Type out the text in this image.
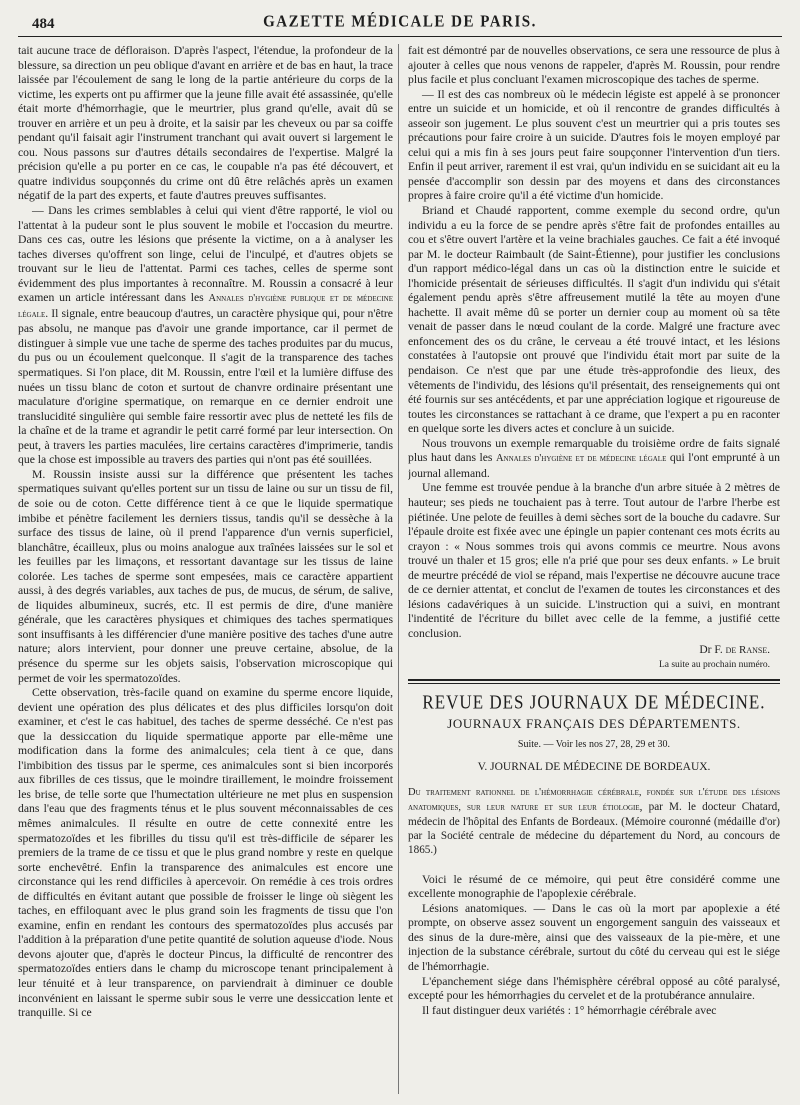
484	GAZETTE MÉDICALE DE PARIS.

tait aucune trace de défloraison. D'après l'aspect, l'étendue, la profondeur de la blessure, sa direction un peu oblique d'avant en arrière et de bas en haut, la trace laissée par l'écoulement de sang le long de la partie antérieure du corps de la victime, les experts ont pu affirmer que la jeune fille avait été assassinée, qu'elle était morte d'hémorrhagie, que le meurtrier, plus grand qu'elle, avait dû se trouver en arrière et un peu à droite, et la saisir par les cheveux ou par sa coiffe pendant qu'il faisait agir l'instrument tranchant qui avait ouvert si largement le cou. Nous passons sur d'autres détails secondaires de l'expertise. Malgré la précision qu'elle a pu porter en ce cas, le coupable n'a pas été découvert, et quatre individus soupçonnés du crime ont dû être relâchés après un examen négatif de la part des experts, et faute d'autres preuves suffisantes.

— Dans les crimes semblables à celui qui vient d'être rapporté, le viol ou l'attentat à la pudeur sont le plus souvent le mobile et l'occasion du meurtre. Dans ces cas, outre les lésions que présente la victime, on a à analyser les taches diverses qu'offrent son linge, celui de l'inculpé, et d'autres objets se trouvant sur le lieu de l'attentat. Parmi ces taches, celles de sperme sont évidemment des plus importantes à reconnaître. M. Roussin a consacré à leur examen un article intéressant dans les Annales d'hygiène publique et de médecine légale. Il signale, entre beaucoup d'autres, un caractère physique qui, pour n'être pas absolu, ne manque pas d'avoir une grande importance, car il permet de distinguer à simple vue une tache de sperme des taches produites par du mucus, du pus ou un écoulement quelconque. Il s'agit de la transparence des taches spermatiques. Si l'on place, dit M. Roussin, entre l'œil et la lumière diffuse des nuées un tissu blanc de coton et surtout de chanvre ordinaire présentant une maculature d'origine spermatique, on remarque en ce dernier endroit une translucidité singulière qui semble faire ressortir avec plus de netteté les fils de la chaîne et de la trame et agrandir le petit carré formé par leur intersection. On peut, à travers les parties maculées, lire certains caractères d'imprimerie, tandis que la chose est impossible au travers des parties qui n'ont pas été souillées.

M. Roussin insiste aussi sur la différence que présentent les taches spermatiques suivant qu'elles portent sur un tissu de laine ou sur un tissu de fil, de soie ou de coton. Cette différence tient à ce que le liquide spermatique imbibe et pénètre facilement les derniers tissus, tandis qu'il se dessèche à la surface des tissus de laine, où il prend l'apparence d'un vernis superficiel, blanchâtre, écailleux, plus ou moins analogue aux traînées laissées sur le sol et les feuilles par les limaçons, et ressortant davantage sur les tissus de laine colorée. Les taches de sperme sont empesées, mais ce caractère appartient aussi, à des degrés variables, aux taches de pus, de mucus, de sérum, de salive, de liquides albumineux, sucrés, etc. Il est permis de dire, d'une manière générale, que les caractères physiques et chimiques des taches spermatiques sont insuffisants à les différencier d'une manière positive des taches d'une autre nature; alors intervient, pour donner une preuve certaine, absolue, de la présence du sperme sur les objets saisis, l'observation microscopique qui permet de voir les spermatozoïdes.

Cette observation, très-facile quand on examine du sperme encore liquide, devient une opération des plus délicates et des plus difficiles lorsqu'on doit examiner, et c'est le cas habituel, des taches de sperme desséché. Ce n'est pas que la dessiccation du liquide spermatique apporte par elle-même une modification dans la forme des animalcules; cela tient à ce que, dans l'imbibition des tissus par le sperme, ces animalcules sont si bien incorporés aux fibrilles de ces tissus, que le moindre tiraillement, le moindre froissement les brise, de telle sorte que l'humectation ultérieure ne met plus en suspension dans l'eau que des fragments ténus et le plus souvent méconnaissables de ces mêmes animalcules. Il résulte en outre de cette connexité entre les spermatozoïdes et les fibrilles du tissu qu'il est très-difficile de séparer les premiers de la trame de ce tissu et que le plus grand nombre y reste en quelque sorte enchevêtré. Enfin la transparence des animalcules est encore une circonstance qui les rend difficiles à apercevoir. On remédie à ces trois ordres de difficultés en évitant autant que possible de froisser le linge où siègent les taches, en effiloquant avec le plus grand soin les fragments de tissu que l'on examine, enfin en rendant les contours des spermatozoïdes plus accusés par l'addition à la préparation d'une petite quantité de solution aqueuse d'iode. Nous devons ajouter que, d'après le docteur Pincus, la difficulté de rencontrer des spermatozoïdes entiers dans le champ du microscope tenant principalement à leur ténuité et à leur transparence, on parviendrait à diminuer ce double inconvénient en laissant le sperme subir sous le verre une dessiccation lente et tranquille. Si ce

fait est démontré par de nouvelles observations, ce sera une ressource de plus à ajouter à celles que nous venons de rappeler, d'après M. Roussin, pour rendre plus facile et plus concluant l'examen microscopique des taches de sperme.

— Il est des cas nombreux où le médecin légiste est appelé à se prononcer entre un suicide et un homicide, et où il rencontre de grandes difficultés à asseoir son jugement. Le plus souvent c'est un meurtrier qui a pris toutes ses précautions pour faire croire à un suicide. D'autres fois le moyen employé par celui qui a mis fin à ses jours peut faire soupçonner l'intervention d'un tiers. Enfin il peut arriver, rarement il est vrai, qu'un individu en se suicidant ait eu la pensée d'accomplir son dessin par des moyens et dans des circonstances propres à faire croire qu'il a été victime d'un homicide.

Briand et Chaudé rapportent, comme exemple du second ordre, qu'un individu a eu la force de se pendre après s'être fait de profondes entailles au cou et s'être ouvert l'artère et la veine brachiales gauches. Ce fait a été invoqué par M. le docteur Raimbault (de Saint-Étienne), pour justifier les conclusions d'un rapport médico-légal dans un cas où la distinction entre le suicide et l'homicide présentait de sérieuses difficultés. Il s'agit d'un individu qui s'était également pendu après s'être affreusement mutilé la tête au moyen d'une hachette. Il avait même dû se porter un dernier coup au moment où sa tête venait de passer dans le nœud coulant de la corde. Malgré une fracture avec enfoncement des os du crâne, le cerveau a été trouvé intact, et les lésions constatées à l'autopsie ont prouvé que l'individu était mort par suite de la pendaison. Ce n'est que par une étude très-approfondie des lieux, des vêtements de l'individu, des lésions qu'il présentait, des renseignements qui ont été fournis sur ses antécédents, et par une appréciation logique et rigoureuse de toutes les circonstances se rattachant à ce drame, que l'expert a pu en raconter en quelque sorte les divers actes et conclure à un suicide.

Nous trouvons un exemple remarquable du troisième ordre de faits signalé plus haut dans les Annales d'hygiène et de médecine légale qui l'ont emprunté à un journal allemand.

Une femme est trouvée pendue à la branche d'un arbre située à 2 mètres de hauteur; ses pieds ne touchaient pas à terre. Tout autour de l'arbre l'herbe est piétinée. Une pelote de feuilles à demi sèches sort de la bouche du cadavre. Sur l'épaule droite est fixée avec une épingle un papier contenant ces mots écrits au crayon : « Nous sommes trois qui avons commis ce meurtre. Nous avons trouvé un thaler et 15 gros; elle n'a prié que pour ses deux enfants. » Le bruit de meurtre précédé de viol se répand, mais l'expertise ne découvre aucune trace de ce dernier attentat, et conclut de l'examen de toutes les circonstances et des lésions cadavériques à un suicide. L'instruction qui a suivi, en montrant l'indentité de l'écriture du billet avec celle de la femme, a justifié cette conclusion.

Dr F. de Ranse.
La suite au prochain numéro.
REVUE DES JOURNAUX DE MÉDECINE.
JOURNAUX FRANÇAIS DES DÉPARTEMENTS.
Suite. — Voir les nos 27, 28, 29 et 30.
V. JOURNAL DE MÉDECINE DE BORDEAUX.

Du traitement rationnel de l'hémorrhagie cérébrale, fondée sur l'étude des lésions anatomiques, sur leur nature et sur leur étiologie, par M. le docteur Chatard, médecin de l'hôpital des Enfants de Bordeaux. (Mémoire couronné (médaille d'or) par la Société centrale de médecine du département du Nord, au concours de 1865.)

Voici le résumé de ce mémoire, qui peut être considéré comme une excellente monographie de l'apoplexie cérébrale.

Lésions anatomiques. — Dans le cas où la mort par apoplexie a été prompte, on observe assez souvent un engorgement sanguin des vaisseaux et des sinus de la dure-mère, ainsi que des vaisseaux de la pie-mère, et une injection de la substance cérébrale, surtout du côté du cerveau qui est le siége de l'hémorrhagie.

L'épanchement siége dans l'hémisphère cérébral opposé au côté paralysé, excepté pour les hémorrhagies du cervelet et de la protubérance annulaire.

Il faut distinguer deux variétés : 1° hémorrhagie cérébrale avec
